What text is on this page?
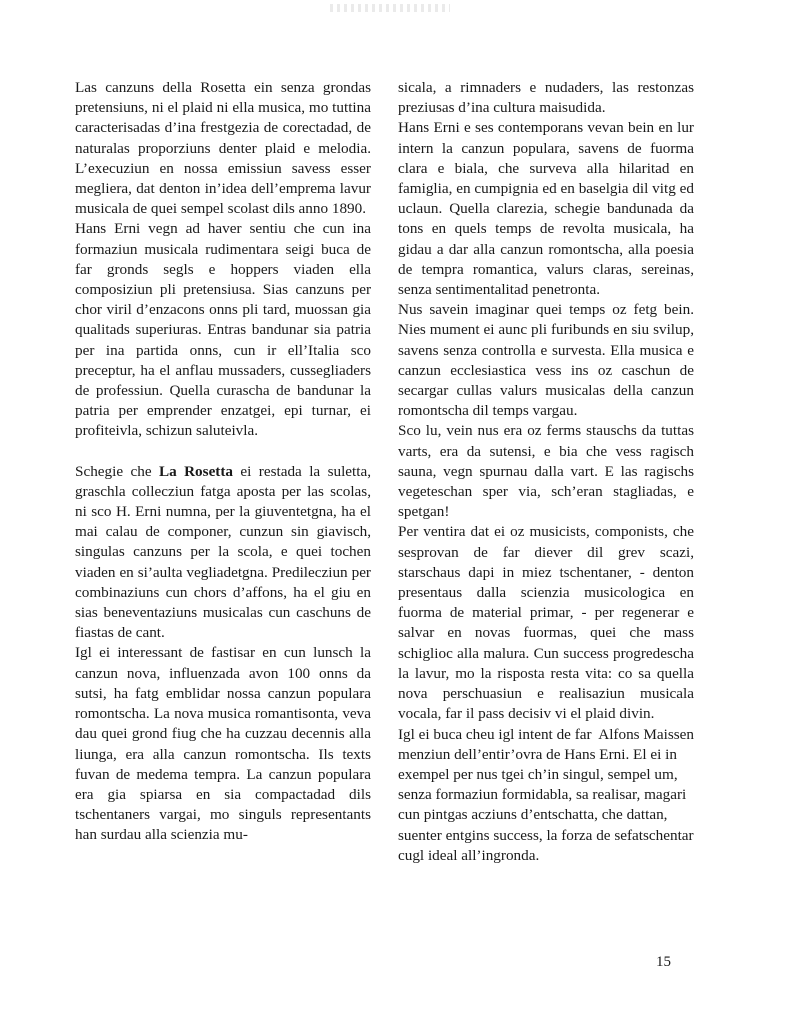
Las canzuns della Rosetta ein senza grondas pretensiuns, ni el plaid ni ella musica, mo tuttina caracterisadas d’ina frestgezia de corectadad, de naturalas proporziuns denter plaid e melodia. L’execuziun en nossa emissiun savess esser megliera, dat denton in’idea dell’emprema lavur musicala de quei sempel scolast dils anno 1890.

Hans Erni vegn ad haver sentiu che cun ina formaziun musicala rudimentara seigi buca de far gronds segls e hoppers viaden ella composiziun pli pretensiusa. Sias canzuns per chor viril d’enzacons onns pli tard, muossan gia qualitads superiuras. Entras bandunar sia patria per ina partida onns, cun ir ell’Italia sco preceptur, ha el anflau mussaders, cussegliaders de professiun. Quella curascha de bandunar la patria per emprender enzatgei, epi turnar, ei profiteivla, schizun saluteivla.

Schegie che La Rosetta ei restada la suletta, graschla collecziun fatga aposta per las scolas, ni sco H. Erni numna, per la giuventetgna, ha el mai calau de componer, cunzun sin giavisch, singulas canzuns per la scola, e quei tochen viaden en si’aulta vegliadetgna. Predilecziun per combinaziuns cun chors d’affons, ha el giu en sias beneventaziuns musicalas cun caschuns de fiastas de cant.

Igl ei interessant de fastisar en cun lunsch la canzun nova, influenzada avon 100 onns da sutsi, ha fatg emblidar nossa canzun populara romontscha. La nova musica romantisonta, veva dau quei grond fiug che ha cuzzau decennis alla liunga, era alla canzun romontscha. Ils texts fuvan de medema tempra. La canzun populara era gia spiarsa en sia compactadad dils tschentaners vargai, mo singuls representants han surdau alla scienzia mu-

sicala, a rimnaders e nudaders, las restonzas preziusas d’ina cultura maisudida.

Hans Erni e ses contemporans vevan bein en lur intern la canzun populara, savens de fuorma clara e biala, che surveva alla hilaritad en famiglia, en cumpignia ed en baselgia dil vitg ed uclaun. Quella clarezia, schegie bandunada da tons en quels temps de revolta musicala, ha gidau a dar alla canzun romontscha, alla poesia de tempra romantica, valurs claras, sereinas, senza sentimentalitad penetronta.

Nus savein imaginar quei temps oz fetg bein. Nies mument ei aunc pli furibunds en siu svilup, savens senza controlla e survesta. Ella musica e canzun ecclesiastica vess ins oz caschun de secargar cullas valurs musicalas della canzun romontscha dil temps vargau.

Sco lu, vein nus era oz ferms stauschs da tuttas varts, era da sutensi, e bia che vess ragisch sauna, vegn spurnau dalla vart. E las ragischs vegeteschan sper via, sch’eran stagliadas, e spetgan!

Per ventira dat ei oz musicists, componists, che sesprovan de far diever dil grev scazi, starschaus dapi in miez tschentaner, - denton presentaus dalla scienzia musicologica en fuorma de material primar, - per regenerar e salvar en novas fuormas, quei che mass schiglioc alla malura. Cun success progredescha la lavur, mo la risposta resta vita: co sa quella nova perschuasiun e realisaziun musicala vocala, far il pass decisiv vi el plaid divin.

Alfons Maissen
Igl ei buca cheu igl intent de far menziun dell’entir’ovra de Hans Erni. El ei in exempel per nus tgei ch’in singul, sempel um, senza formaziun formidabla, sa realisar, magari cun pintgas acziuns d’entschatta, che dattan, suenter entgins success, la forza de sefatschentar cugl ideal all’ingronda.

15
